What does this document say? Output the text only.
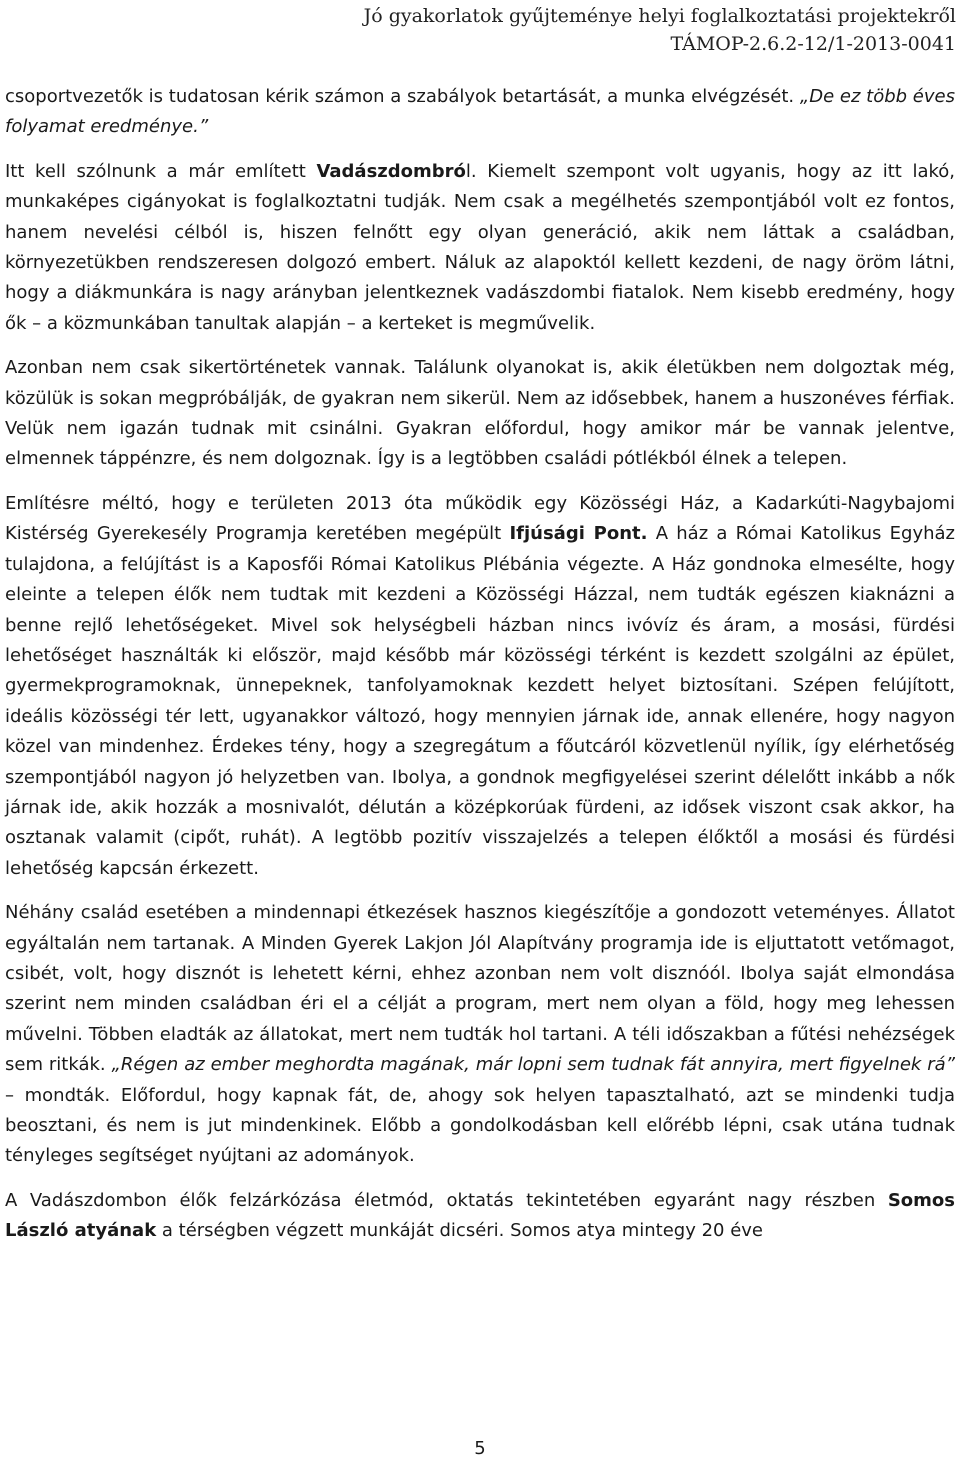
Jó gyakorlatok gyűjteménye helyi foglalkoztatási projektekről
TÁMOP-2.6.2-12/1-2013-0041

csoportvezetők is tudatosan kérik számon a szabályok betartását, a munka elvégzését. „De ez több éves folyamat eredménye.”

Itt kell szólnunk a már említett Vadászdombról. Kiemelt szempont volt ugyanis, hogy az itt lakó, munkaképes cigányokat is foglalkoztatni tudják. Nem csak a megélhetés szempontjából volt ez fontos, hanem nevelési célból is, hiszen felnőtt egy olyan generáció, akik nem láttak a családban, környezetükben rendszeresen dolgozó embert. Náluk az alapoktól kellett kezdeni, de nagy öröm látni, hogy a diákmunkára is nagy arányban jelentkeznek vadászdombi fiatalok. Nem kisebb eredmény, hogy ők – a közmunkában tanultak alapján – a kerteket is megművelik.

Azonban nem csak sikertörténetek vannak. Találunk olyanokat is, akik életükben nem dolgoztak még, közülük is sokan megpróbálják, de gyakran nem sikerül. Nem az idősebbek, hanem a huszonéves férfiak. Velük nem igazán tudnak mit csinálni. Gyakran előfordul, hogy amikor már be vannak jelentve, elmennek táppénzre, és nem dolgoznak. Így is a legtöbben családi pótlékból élnek a telepen.

Említésre méltó, hogy e területen 2013 óta működik egy Közösségi Ház, a Kadarkúti-Nagybajomi Kistérség Gyerekesély Programja keretében megépült Ifjúsági Pont. A ház a Római Katolikus Egyház tulajdona, a felújítást is a Kaposfői Római Katolikus Plébánia végezte. A Ház gondnoka elmesélte, hogy eleinte a telepen élők nem tudtak mit kezdeni a Közösségi Házzal, nem tudták egészen kiaknázni a benne rejlő lehetőségeket. Mivel sok helységbeli házban nincs ivóvíz és áram, a mosási, fürdési lehetőséget használták ki először, majd később már közösségi térként is kezdett szolgálni az épület, gyermekprogramoknak, ünnepeknek, tanfolyamoknak kezdett helyet biztosítani. Szépen felújított, ideális közösségi tér lett, ugyanakkor változó, hogy mennyien járnak ide, annak ellenére, hogy nagyon közel van mindenhez. Érdekes tény, hogy a szegregátum a főutcáról közvetlenül nyílik, így elérhetőség szempontjából nagyon jó helyzetben van. Ibolya, a gondnok megfigyelései szerint délelőtt inkább a nők járnak ide, akik hozzák a mosnivalót, délután a középkorúak fürdeni, az idősek viszont csak akkor, ha osztanak valamit (cipőt, ruhát). A legtöbb pozitív visszajelzés a telepen élőktől a mosási és fürdési lehetőség kapcsán érkezett.

Néhány család esetében a mindennapi étkezések hasznos kiegészítője a gondozott veteményes. Állatot egyáltalán nem tartanak. A Minden Gyerek Lakjon Jól Alapítvány programja ide is eljuttatott vetőmagot, csibét, volt, hogy disznót is lehetett kérni, ehhez azonban nem volt disznóól. Ibolya saját elmondása szerint nem minden családban éri el a célját a program, mert nem olyan a föld, hogy meg lehessen művelni. Többen eladták az állatokat, mert nem tudták hol tartani. A téli időszakban a fűtési nehézségek sem ritkák. „Régen az ember meghordta magának, már lopni sem tudnak fát annyira, mert figyelnek rá” – mondták. Előfordul, hogy kapnak fát, de, ahogy sok helyen tapasztalható, azt se mindenki tudja beosztani, és nem is jut mindenkinek. Előbb a gondolkodásban kell előrébb lépni, csak utána tudnak tényleges segítséget nyújtani az adományok.

A Vadászdombon élők felzárkózása életmód, oktatás tekintetében egyaránt nagy részben Somos László atyának a térségben végzett munkáját dicséri. Somos atya mintegy 20 éve

5
